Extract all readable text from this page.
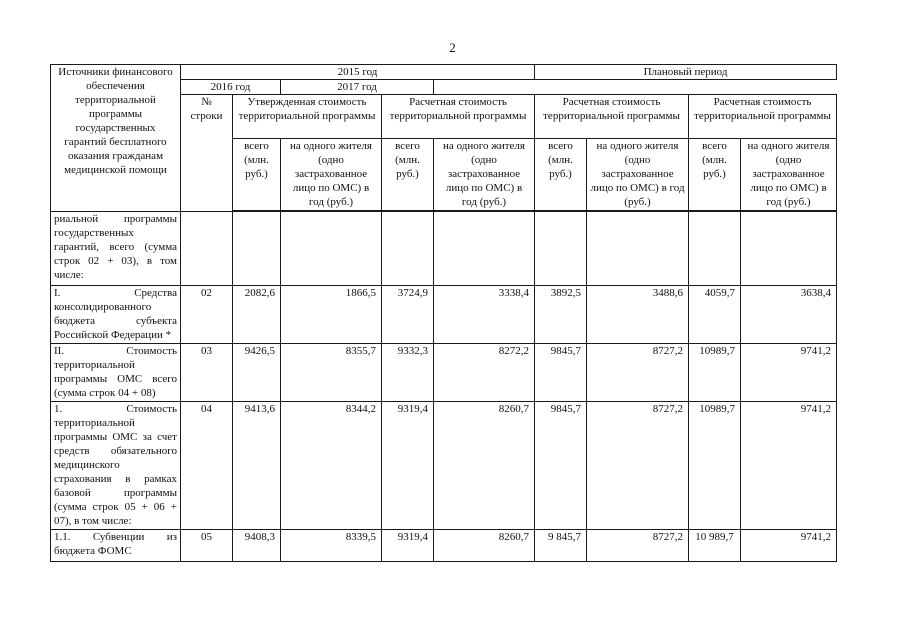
2
Источники финансового обеспечения территориальной программы государственных гарантий бесплатного оказания гражданам медицинской помощи	2015 год					Плановый период			
	2016 год		2017 год						
	№ строки	Утвержденная стоимость территориальной программы		Расчетная стоимость территориальной программы		Расчетная стоимость территориальной программы		Расчетная стоимость территориальной программы	
		всего (млн. руб.)	на одного жителя (одно застрахованное лицо по ОМС) в год (руб.)	всего (млн. руб.)	на одного жителя (одно застрахованное лицо по ОМС) в год (руб.)	всего (млн. руб.)	на одного жителя (одно застрахованное лицо по ОМС) в год (руб.)	всего (млн. руб.)	на одного жителя (одно застрахованное лицо по ОМС) в год (руб.)

риальной программы государственных гарантий, всего (сумма строк 02 + 03), в том числе:									
I. Средства консолидированного бюджета субъекта Российской Федерации *	02	2082,6	1866,5	3724,9	3338,4	3892,5	3488,6	4059,7	3638,4
II. Стоимость территориальной программы ОМС всего (сумма строк 04 + 08)	03	9426,5	8355,7	9332,3	8272,2	9845,7	8727,2	10989,7	9741,2
1. Стоимость территориальной программы ОМС за счет средств обязательного медицинского страхования в рамках базовой программы (сумма строк 05 + 06 + 07), в том числе:	04	9413,6	8344,2	9319,4	8260,7	9845,7	8727,2	10989,7	9741,2
1.1. Субвенции из бюджета ФОМС	05	9408,3	8339,5	9319,4	8260,7	9 845,7	8727,2	10 989,7	9741,2
